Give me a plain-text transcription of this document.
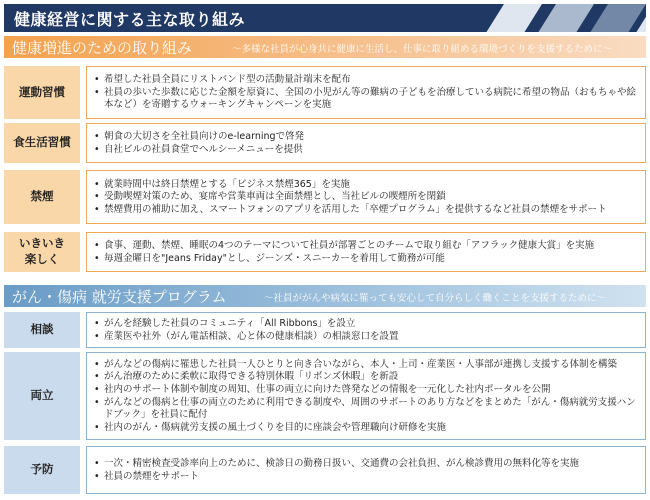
健康経営に関する主な取り組み
健康増進のための取り組み	～多様な社員が心身共に健康に生活し、仕事に取り組める環境づくりを支援するために～
運動習慣
• 希望した社員全員にリストバンド型の活動量計端末を配布
• 社員の歩いた歩数に応じた金額を原資に、全国の小児がん等の難病の子どもを治療している病院に希望の物品（おもちゃや絵本など）を寄贈するウォーキングキャンペーンを実施
食生活習慣	• 朝食の大切さを全社員向けのe-learningで啓発
• 自社ビルの社員食堂でヘルシーメニューを提供
禁煙
• 就業時間中は終日禁煙とする「ビジネス禁煙365」を実施
• 受動喫煙対策のため、宴席や営業車両は全面禁煙とし、当社ビルの喫煙所を閉鎖
• 禁煙費用の補助に加え、スマートフォンのアプリを活用した「卒煙プログラム」を提供するなど社員の禁煙をサポート
いきいき
楽しく
• 食事、運動、禁煙、睡眠の4つのテーマについて社員が部署ごとのチームで取り組む「アフラック健康大賞」を実施
• 毎週金曜日を"Jeans Friday"とし、ジーンズ・スニーカーを着用して勤務が可能
がん・傷病 就労支援プログラム	～社員ががんや病気に罹っても安心して自分らしく働くことを支援するために～
相談	• がんを経験した社員のコミュニティ「All Ribbons」を設立
• 産業医や社外（がん電話相談、心と体の健康相談）の相談窓口を設置
両立
• がんなどの傷病に罹患した社員一人ひとりと向き合いながら、本人・上司・産業医・人事部が連携し支援する体制を構築
• がん治療のために柔軟に取得できる特別休暇「リボンズ休暇」を新設
• 社内のサポート体制や制度の周知、仕事の両立に向けた啓発などの情報を一元化した社内ポータルを公開
• がんなどの傷病と仕事の両立のために利用できる制度や、周囲のサポートのあり方などをまとめた「がん・傷病就労支援ハンドブック」を社員に配付
• 社内のがん・傷病就労支援の風土づくりを目的に座談会や管理職向け研修を実施
予防	• 一次・精密検査受診率向上のために、検診日の勤務日扱い、交通費の会社負担、がん検診費用の無料化等を実施
• 社員の禁煙をサポート
